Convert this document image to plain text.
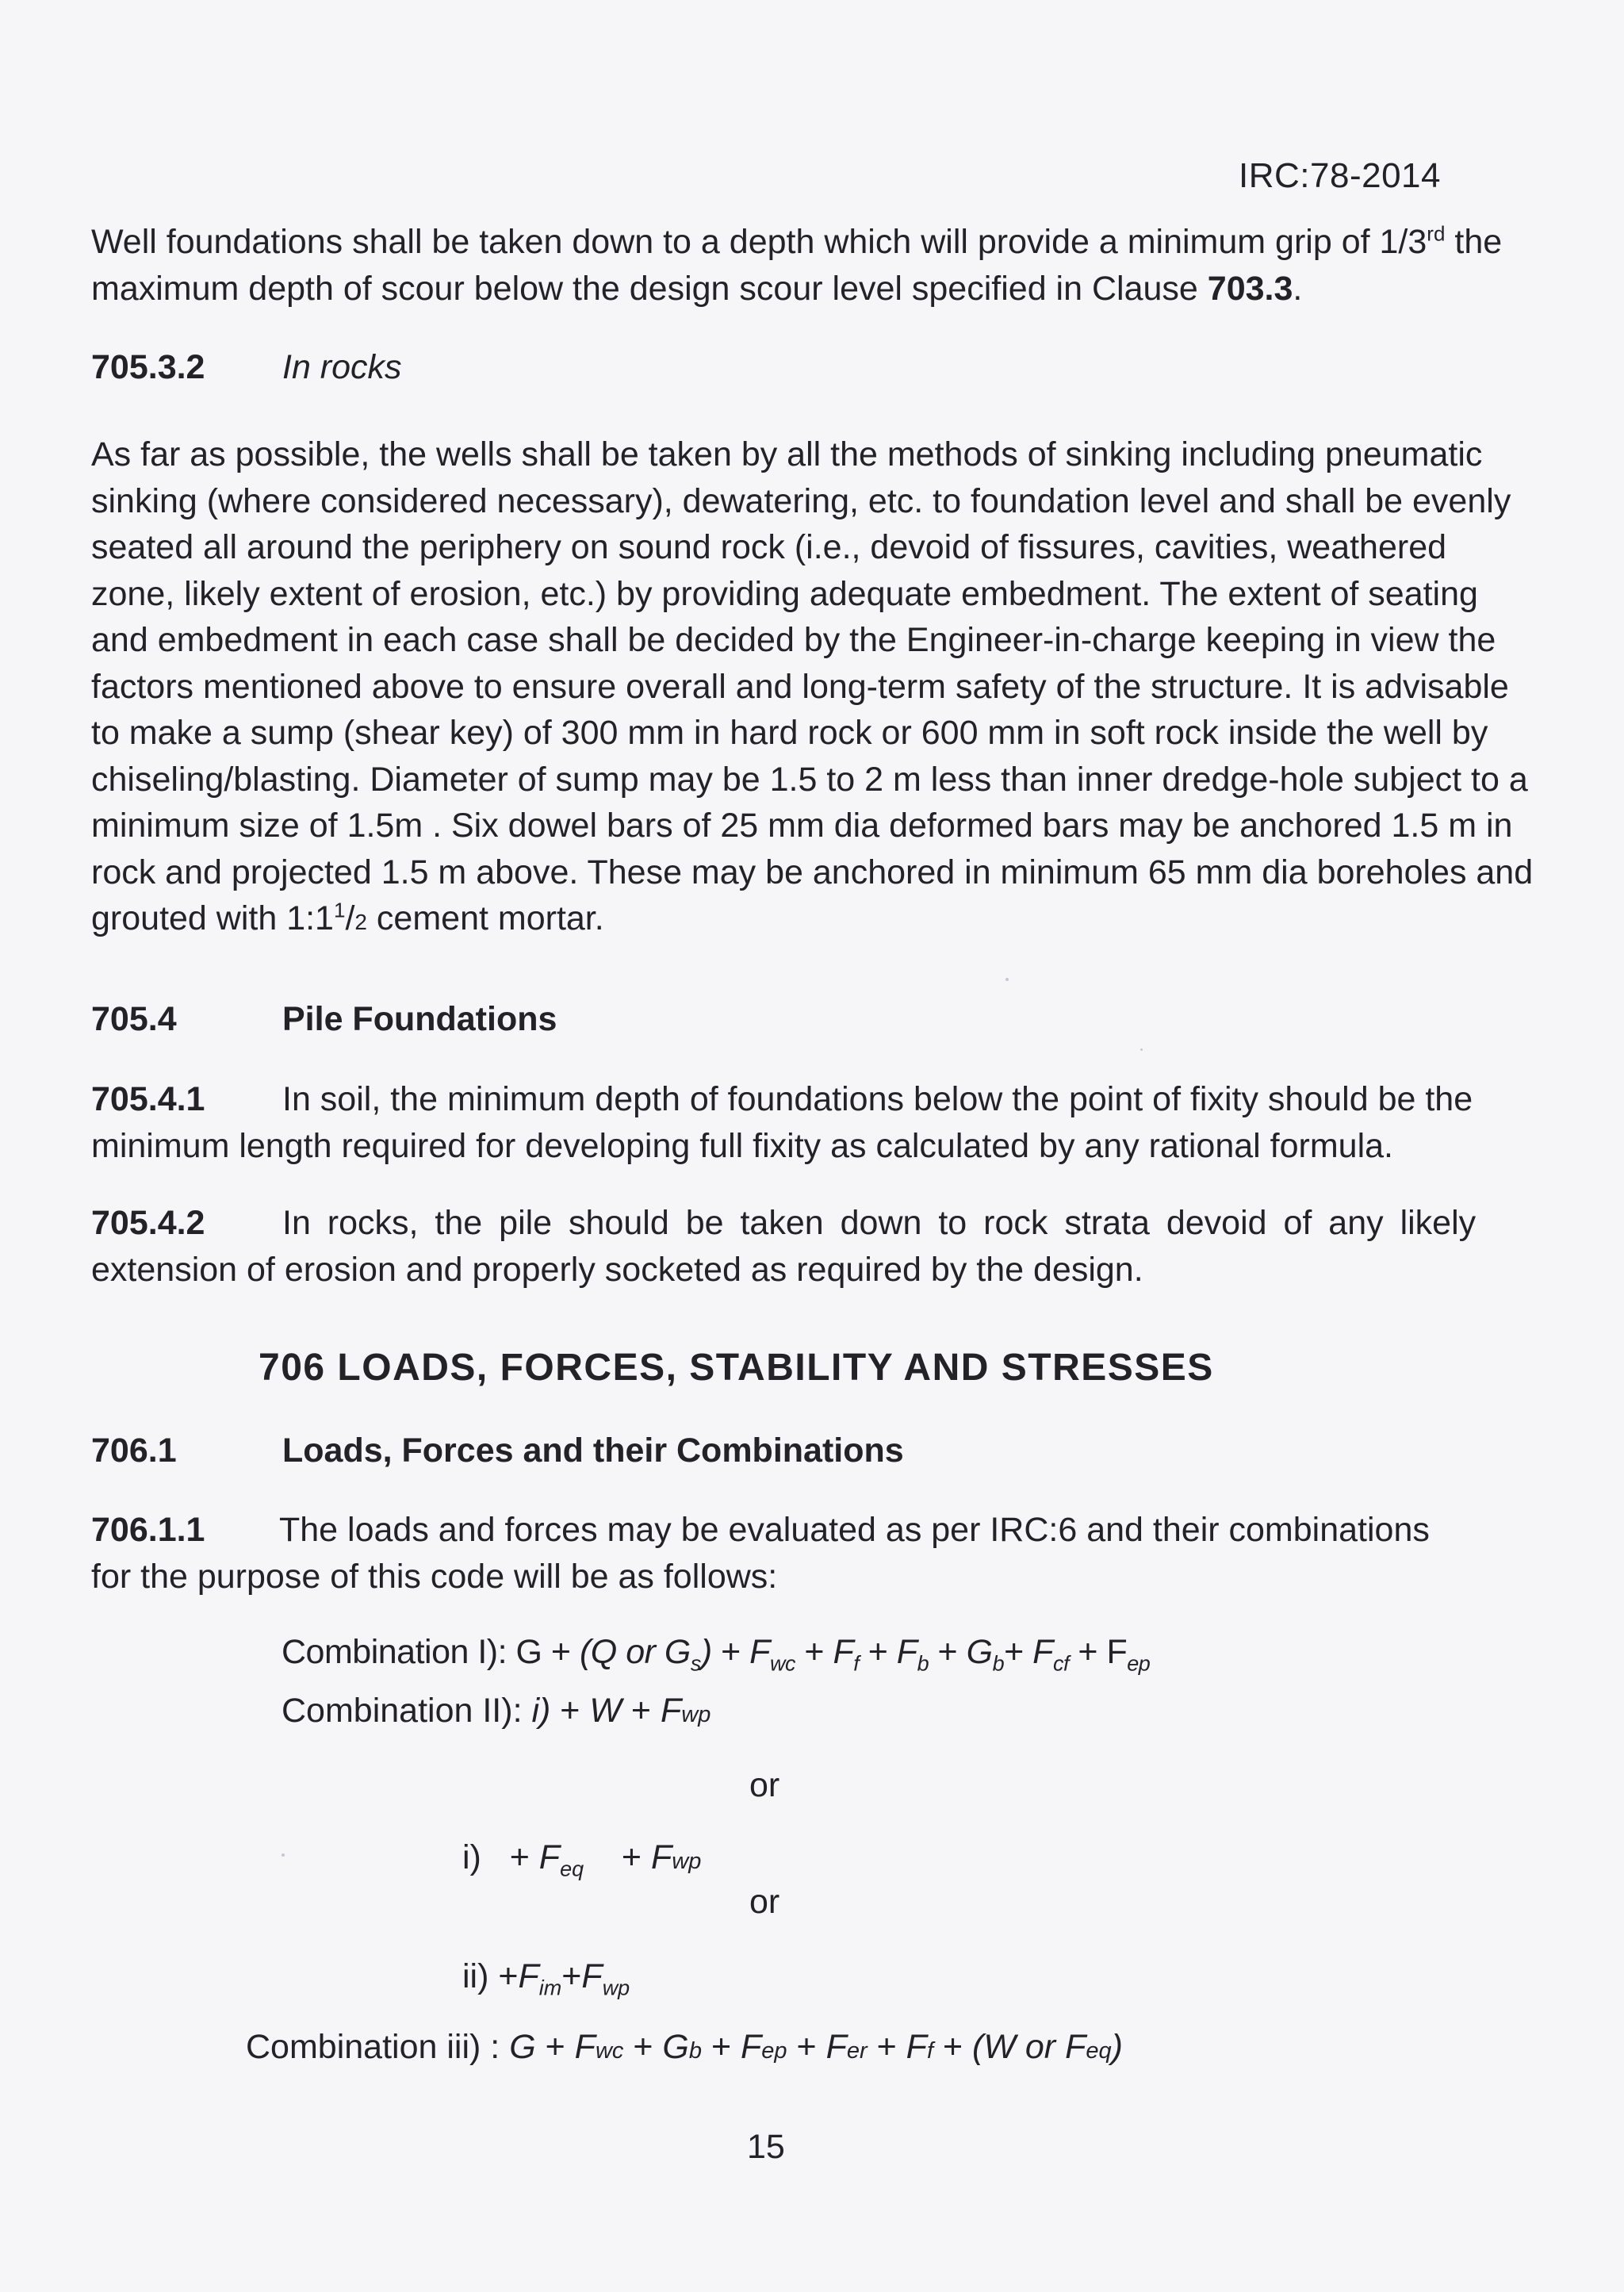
IRC:78-2014
Well foundations shall be taken down to a depth which will provide a minimum grip of 1/3rd the
maximum depth of scour below the design scour level specified in Clause 703.3.
705.3.2 In rocks
As far as possible, the wells shall be taken by all the methods of sinking including pneumatic
sinking (where considered necessary), dewatering, etc. to foundation level and shall be evenly
seated all around the periphery on sound rock (i.e., devoid of fissures, cavities, weathered
zone, likely extent of erosion, etc.) by providing adequate embedment. The extent of seating
and embedment in each case shall be decided by the Engineer-in-charge keeping in view the
factors mentioned above to ensure overall and long-term safety of the structure. It is advisable
to make a sump (shear key) of 300 mm in hard rock or 600 mm in soft rock inside the well by
chiseling/blasting. Diameter of sump may be 1.5 to 2 m less than inner dredge-hole subject to a
minimum size of 1.5m . Six dowel bars of 25 mm dia deformed bars may be anchored 1.5 m in
rock and projected 1.5 m above. These may be anchored in minimum 65 mm dia boreholes and
grouted with $1:1^1/2$ cement mortar.
705.4	Pile Foundations
705.4.1 In soil, the minimum depth of foundations below the point of fixity should be the
minimum length required for developing full fixity as calculated by any rational formula.
705.4.2 In rocks, the pile should be taken down to rock strata devoid of any likely
extension of erosion and properly socketed as required by the design.
706 LOADS, FORCES, STABILITY AND STRESSES
706.1	Loads, Forces and their Combinations
706.1.1 The loads and forces may be evaluated as per IRC:6 and their combinations
for the purpose of this code will be as follows:
Combination I): G + (Q or $G_s) + F_{wc} + F_f + F_b + G_b+ F_{cf} + F_{ep}$
Combination II): i) + W + Fwp
or
$i) + F_{eq}$    + Fwp
or
$ii) +F_{im}+F_{wp}$
Combination iii) : G + Fwc + Gb + Fep + Fer + Ff + (W or Feq)
15
